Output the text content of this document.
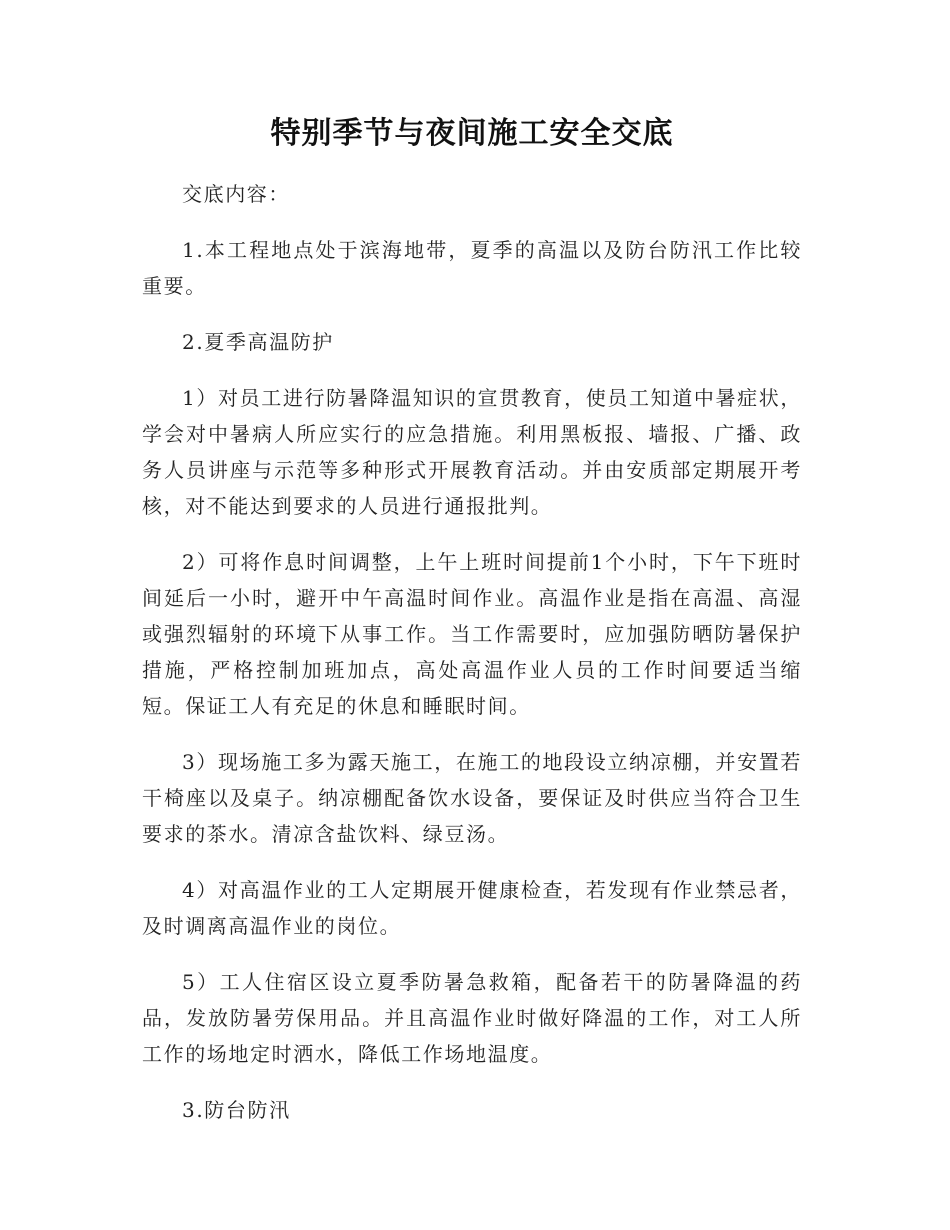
特别季节与夜间施工安全交底

交底内容：

1.本工程地点处于滨海地带，夏季的高温以及防台防汛工作比较重要。

2.夏季高温防护

1）对员工进行防暑降温知识的宣贯教育，使员工知道中暑症状，学会对中暑病人所应实行的应急措施。利用黑板报、墙报、广播、政务人员讲座与示范等多种形式开展教育活动。并由安质部定期展开考核，对不能达到要求的人员进行通报批判。

2）可将作息时间调整，上午上班时间提前1个小时，下午下班时间延后一小时，避开中午高温时间作业。高温作业是指在高温、高湿或强烈辐射的环境下从事工作。当工作需要时，应加强防晒防暑保护措施，严格控制加班加点，高处高温作业人员的工作时间要适当缩短。保证工人有充足的休息和睡眠时间。

3）现场施工多为露天施工，在施工的地段设立纳凉棚，并安置若干椅座以及桌子。纳凉棚配备饮水设备，要保证及时供应当符合卫生要求的茶水。清凉含盐饮料、绿豆汤。

4）对高温作业的工人定期展开健康检查，若发现有作业禁忌者，及时调离高温作业的岗位。

5）工人住宿区设立夏季防暑急救箱，配备若干的防暑降温的药品，发放防暑劳保用品。并且高温作业时做好降温的工作，对工人所工作的场地定时洒水，降低工作场地温度。

3.防台防汛
